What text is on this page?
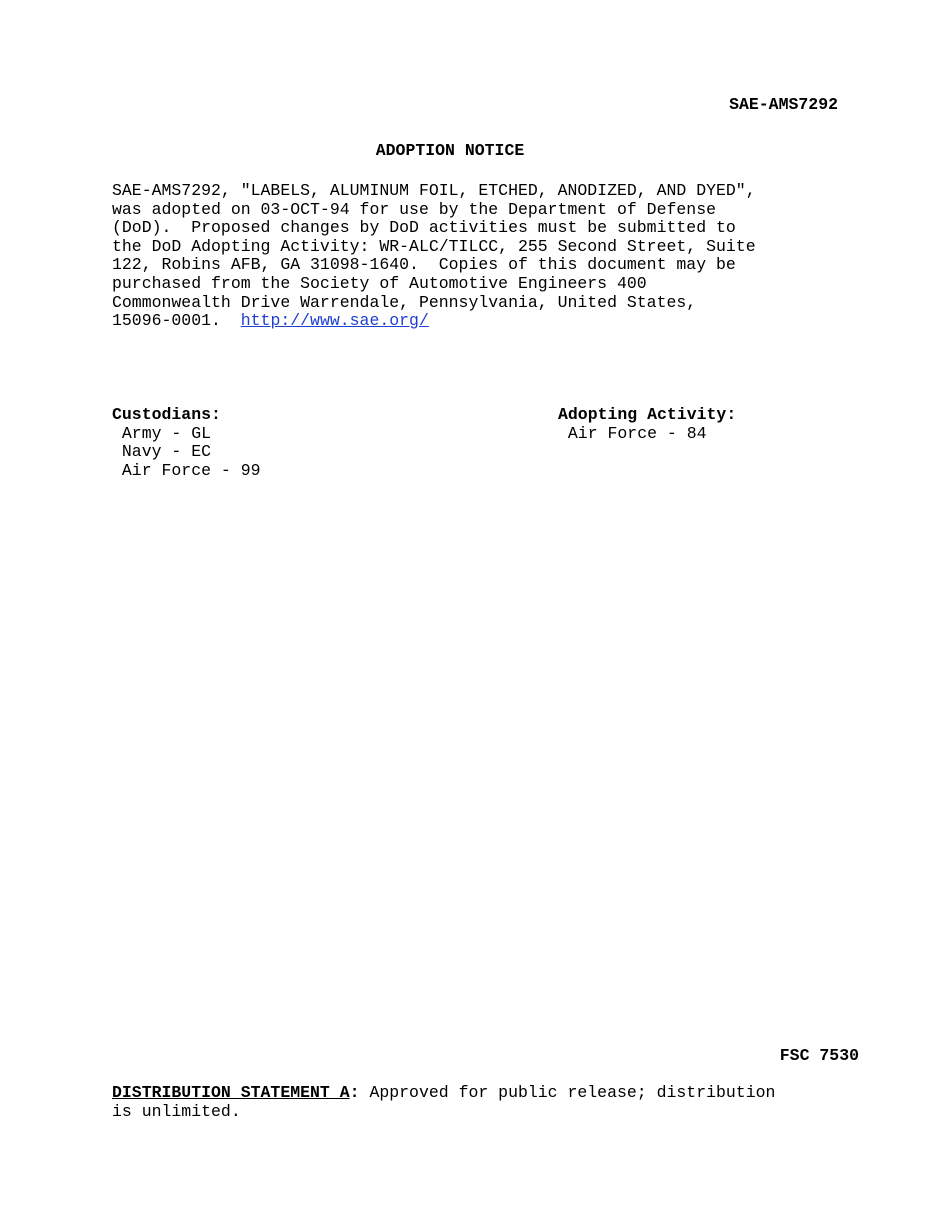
SAE-AMS7292
ADOPTION NOTICE
SAE-AMS7292, "LABELS, ALUMINUM FOIL, ETCHED, ANODIZED, AND DYED",
was adopted on 03-OCT-94 for use by the Department of Defense
(DoD).  Proposed changes by DoD activities must be submitted to
the DoD Adopting Activity: WR-ALC/TILCC, 255 Second Street, Suite
122, Robins AFB, GA 31098-1640.  Copies of this document may be
purchased from the Society of Automotive Engineers 400
Commonwealth Drive Warrendale, Pennsylvania, United States,
15096-0001.  http://www.sae.org/
Custodians:
Army - GL
Navy - EC
Air Force - 99
Adopting Activity:
Air Force - 84
FSC 7530
DISTRIBUTION STATEMENT A: Approved for public release; distribution
is unlimited.
